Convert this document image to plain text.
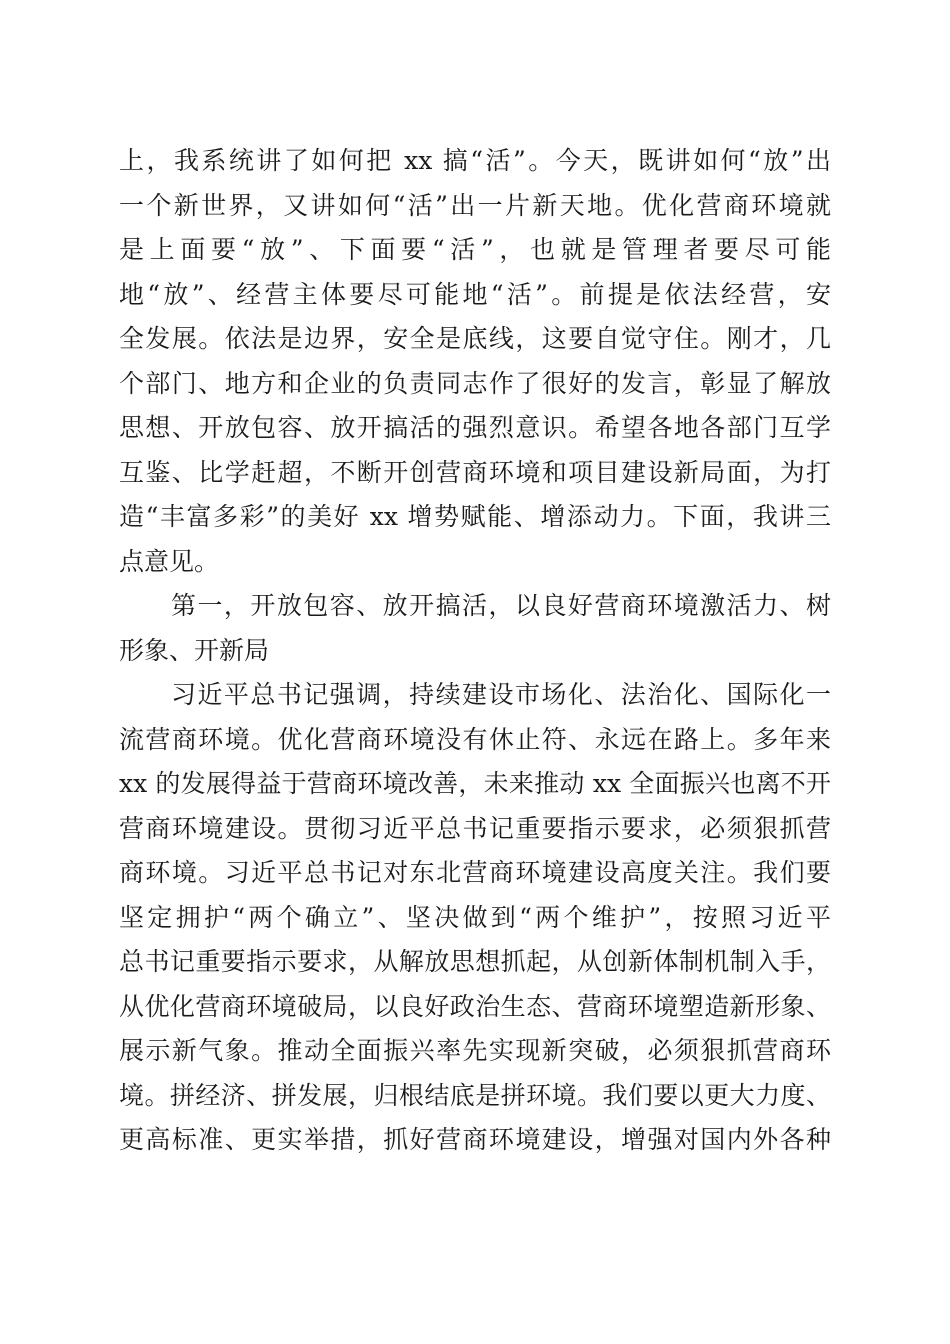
上，我系统讲了如何把 xx 搞“活”。今天，既讲如何“放”出
一个新世界，又讲如何“活”出一片新天地。优化营商环境就
是上面要“放”、下面要“活”，也就是管理者要尽可能
地“放”、经营主体要尽可能地“活”。前提是依法经营，安
全发展。依法是边界，安全是底线，这要自觉守住。刚才，几
个部门、地方和企业的负责同志作了很好的发言，彰显了解放
思想、开放包容、放开搞活的强烈意识。希望各地各部门互学
互鉴、比学赶超，不断开创营商环境和项目建设新局面，为打
造“丰富多彩”的美好 xx 增势赋能、增添动力。下面，我讲三
点意见。
第一，开放包容、放开搞活，以良好营商环境激活力、树
形象、开新局
习近平总书记强调，持续建设市场化、法治化、国际化一
流营商环境。优化营商环境没有休止符、永远在路上。多年来
xx 的发展得益于营商环境改善，未来推动 xx 全面振兴也离不开
营商环境建设。贯彻习近平总书记重要指示要求，必须狠抓营
商环境。习近平总书记对东北营商环境建设高度关注。我们要
坚定拥护“两个确立”、坚决做到“两个维护”，按照习近平
总书记重要指示要求，从解放思想抓起，从创新体制机制入手，
从优化营商环境破局，以良好政治生态、营商环境塑造新形象、
展示新气象。推动全面振兴率先实现新突破，必须狠抓营商环
境。拼经济、拼发展，归根结底是拼环境。我们要以更大力度、
更高标准、更实举措，抓好营商环境建设，增强对国内外各种
